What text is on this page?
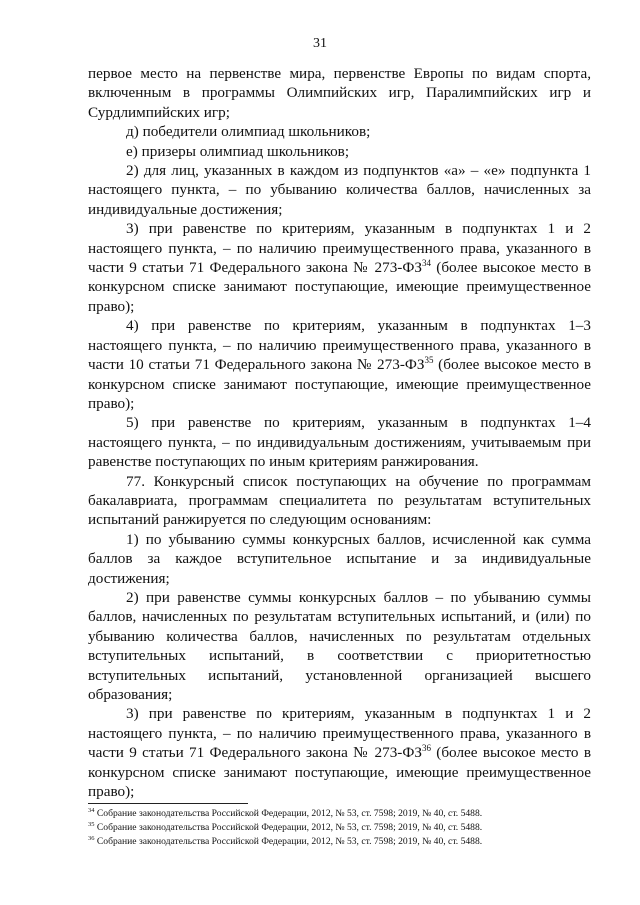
31

первое место на первенстве мира, первенстве Европы по видам спорта, включенным в программы Олимпийских игр, Паралимпийских игр и Сурдлимпийских игр;

д) победители олимпиад школьников;

е) призеры олимпиад школьников;

2) для лиц, указанных в каждом из подпунктов «а» – «е» подпункта 1 настоящего пункта, – по убыванию количества баллов, начисленных за индивидуальные достижения;

3) при равенстве по критериям, указанным в подпунктах 1 и 2 настоящего пункта, – по наличию преимущественного права, указанного в части 9 статьи 71 Федерального закона № 273-ФЗ$^{34}$ (более высокое место в конкурсном списке занимают поступающие, имеющие преимущественное право);

4) при равенстве по критериям, указанным в подпунктах 1–3 настоящего пункта, – по наличию преимущественного права, указанного в части 10 статьи 71 Федерального закона № 273-ФЗ$^{35}$ (более высокое место в конкурсном списке занимают поступающие, имеющие преимущественное право);

5) при равенстве по критериям, указанным в подпунктах 1–4 настоящего пункта, – по индивидуальным достижениям, учитываемым при равенстве поступающих по иным критериям ранжирования.

77. Конкурсный список поступающих на обучение по программам бакалавриата, программам специалитета по результатам вступительных испытаний ранжируется по следующим основаниям:

1) по убыванию суммы конкурсных баллов, исчисленной как сумма баллов за каждое вступительное испытание и за индивидуальные достижения;

2) при равенстве суммы конкурсных баллов – по убыванию суммы баллов, начисленных по результатам вступительных испытаний, и (или) по убыванию количества баллов, начисленных по результатам отдельных вступительных испытаний, в соответствии с приоритетностью вступительных испытаний, установленной организацией высшего образования;

3) при равенстве по критериям, указанным в подпунктах 1 и 2 настоящего пункта, – по наличию преимущественного права, указанного в части 9 статьи 71 Федерального закона № 273-ФЗ$^{36}$ (более высокое место в конкурсном списке занимают поступающие, имеющие преимущественное право);

$^{34}$ Собрание законодательства Российской Федерации, 2012, № 53, ст. 7598; 2019, № 40, ст. 5488.
$^{35}$ Собрание законодательства Российской Федерации, 2012, № 53, ст. 7598; 2019, № 40, ст. 5488.
$^{36}$ Собрание законодательства Российской Федерации, 2012, № 53, ст. 7598; 2019, № 40, ст. 5488.
